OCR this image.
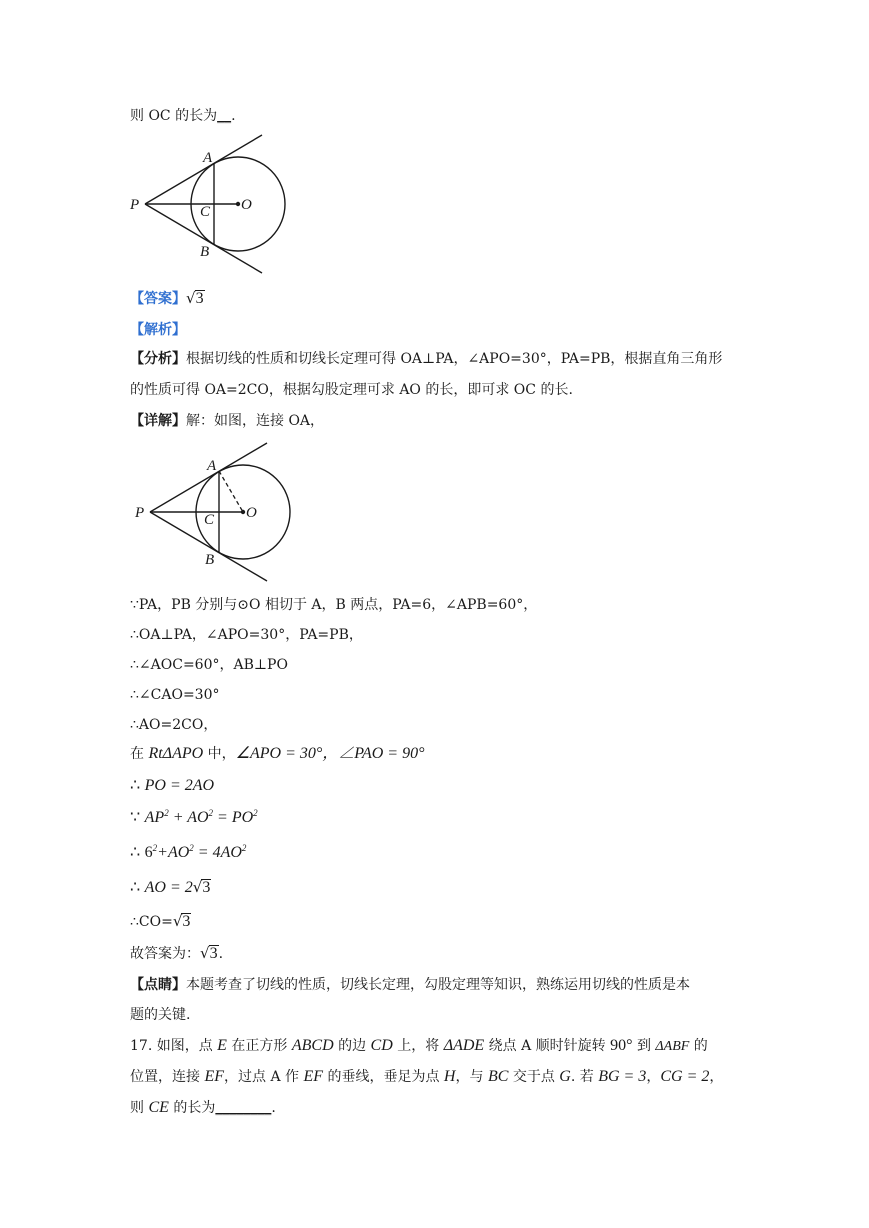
则 OC 的长为__.
A
B
C O
P
【答案】√3
【解析】
【分析】根据切线的性质和切线长定理可得 OA⊥PA，∠APO=30°，PA=PB，根据直角三角形
的性质可得 OA=2CO，根据勾股定理可求 AO 的长，即可求 OC 的长.
【详解】解：如图，连接 OA，
A
B
C O
P
∵PA，PB 分别与⊙O 相切于 A，B 两点，PA=6，∠APB=60°，
∴OA⊥PA，∠APO=30°，PA=PB，
∴∠AOC=60°，AB⊥PO
∴∠CAO=30°
∴AO=2CO，
在 RtΔAPO 中，∠APO = 30°，∠PAO = 90°
∴ PO = 2AO
∵ $AP^2 + AO^2 = PO^2$
∴ $6^2+AO^2 = 4AO^2$
∴ AO = 2√3
∴CO=√3
故答案为：√3.
【点睛】本题考查了切线的性质，切线长定理，勾股定理等知识，熟练运用切线的性质是本
题的关键.
17. 如图，点 E 在正方形 ABCD 的边 CD 上，将 ΔADE 绕点 A 顺时针旋转 90° 到 ΔABF 的
位置，连接 EF，过点 A 作 EF 的垂线，垂足为点 H，与 BC 交于点 G. 若 BG = 3，CG = 2，
则 CE 的长为________.
